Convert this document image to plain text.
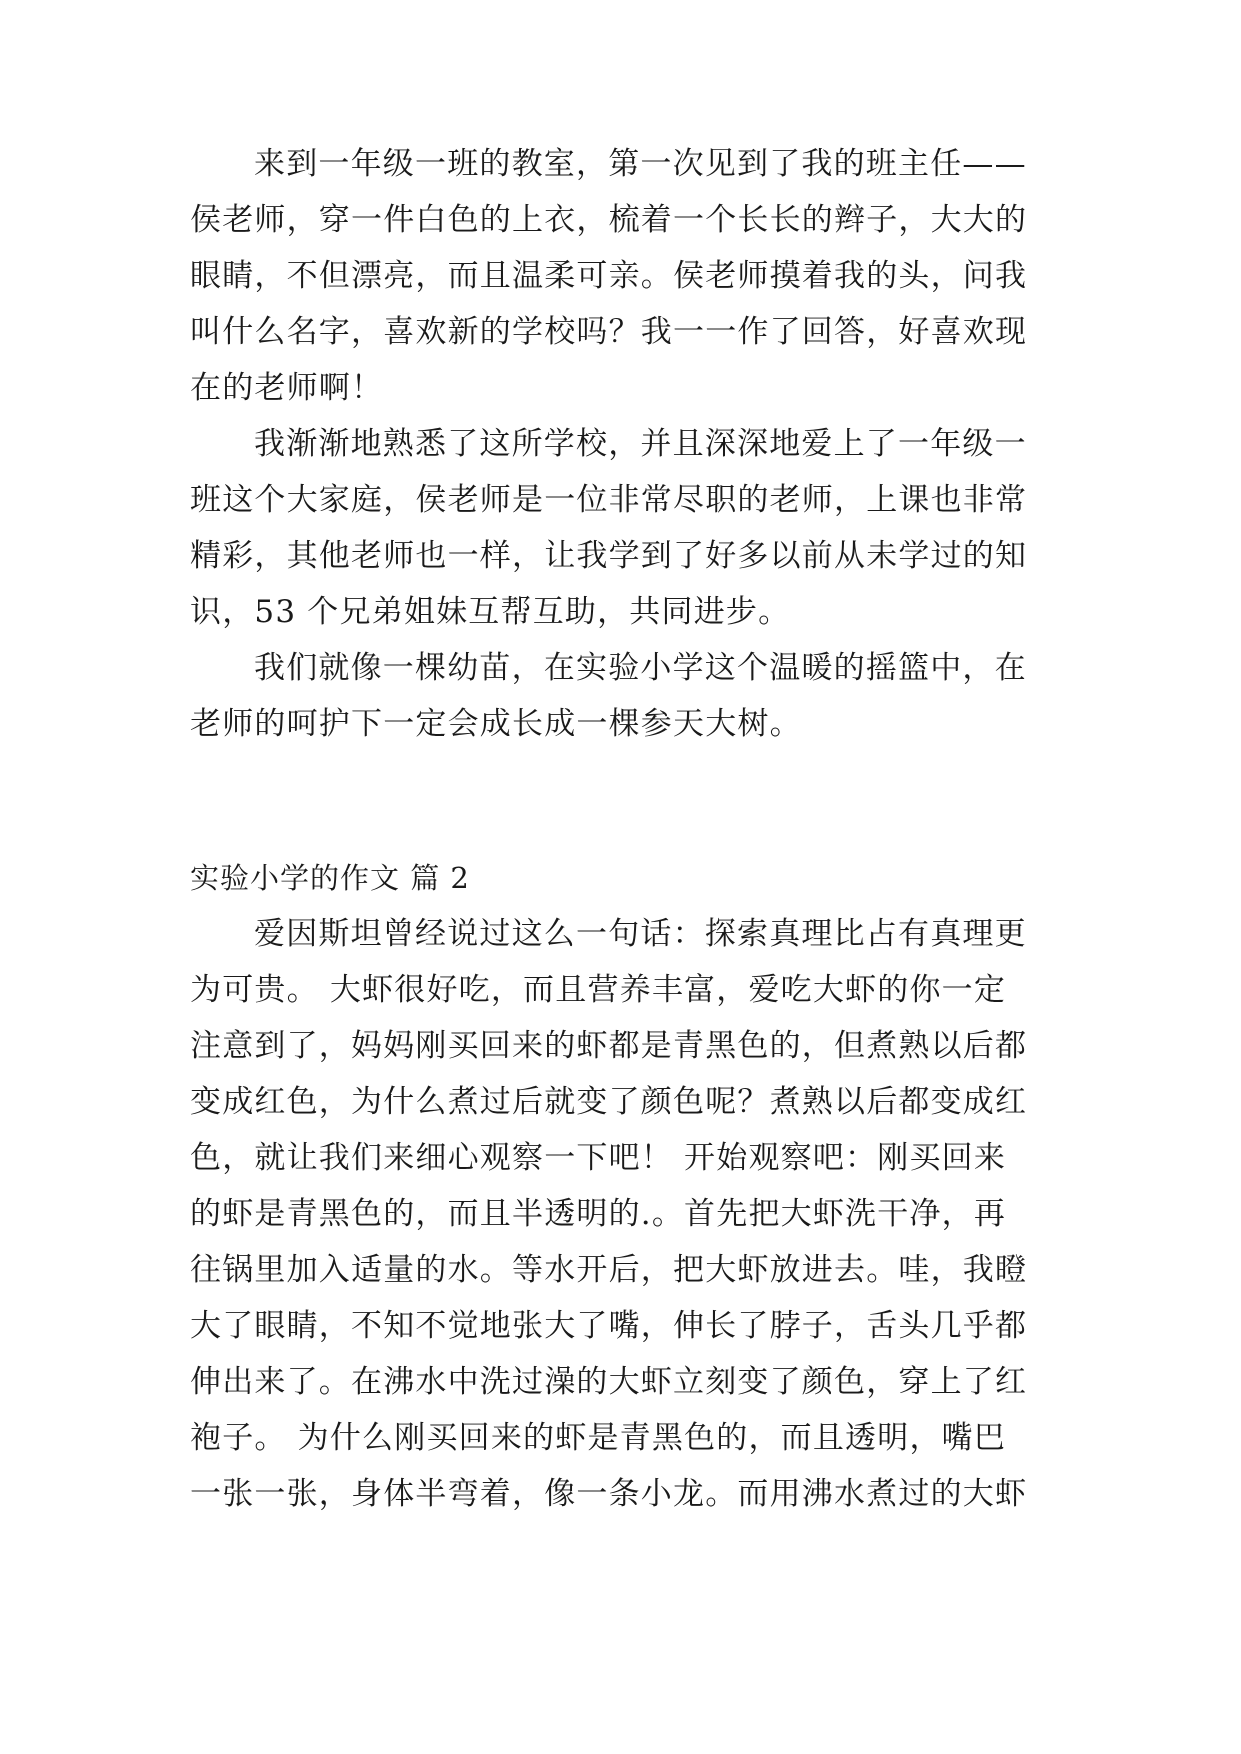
来到一年级一班的教室，第一次见到了我的班主任——
侯老师，穿一件白色的上衣，梳着一个长长的辫子，大大的
眼睛，不但漂亮，而且温柔可亲。侯老师摸着我的头，问我
叫什么名字，喜欢新的学校吗？我一一作了回答，好喜欢现
在的老师啊！
我渐渐地熟悉了这所学校，并且深深地爱上了一年级一
班这个大家庭，侯老师是一位非常尽职的老师，上课也非常
精彩，其他老师也一样，让我学到了好多以前从未学过的知
识，53 个兄弟姐妹互帮互助，共同进步。
我们就像一棵幼苗，在实验小学这个温暖的摇篮中，在
老师的呵护下一定会成长成一棵参天大树。
实验小学的作文 篇 2
爱因斯坦曾经说过这么一句话：探索真理比占有真理更
为可贵。 大虾很好吃，而且营养丰富，爱吃大虾的你一定
注意到了，妈妈刚买回来的虾都是青黑色的，但煮熟以后都
变成红色，为什么煮过后就变了颜色呢？煮熟以后都变成红
色，就让我们来细心观察一下吧！ 开始观察吧：刚买回来
的虾是青黑色的，而且半透明的.。首先把大虾洗干净，再
往锅里加入适量的水。等水开后，把大虾放进去。哇，我瞪
大了眼睛，不知不觉地张大了嘴，伸长了脖子，舌头几乎都
伸出来了。在沸水中洗过澡的大虾立刻变了颜色，穿上了红
袍子。 为什么刚买回来的虾是青黑色的，而且透明，嘴巴
一张一张，身体半弯着，像一条小龙。而用沸水煮过的大虾
